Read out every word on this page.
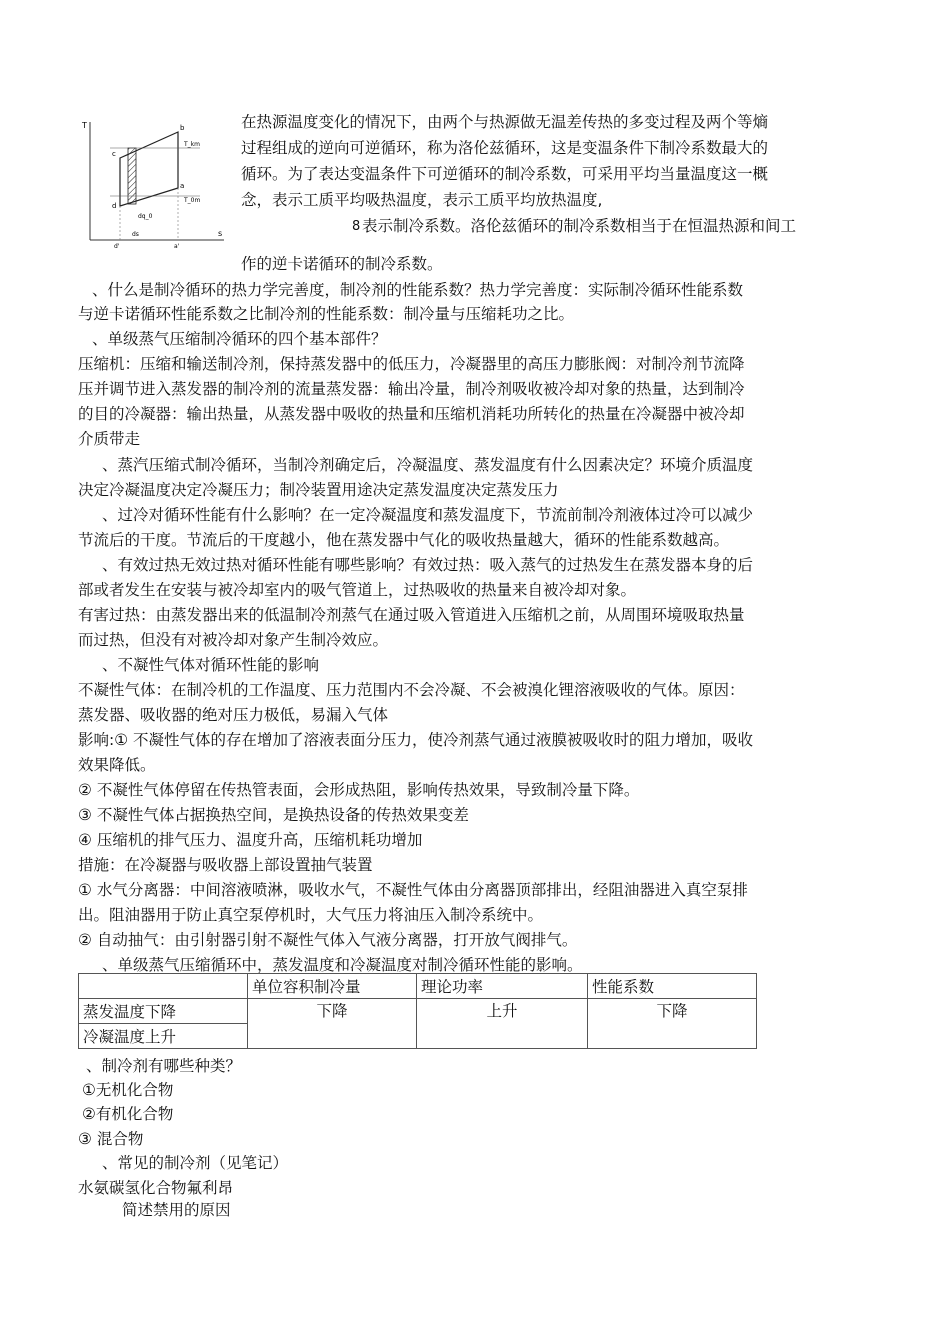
T
s
b
c
d
a
T_km
T_0m
dq_0
ds
d'	a'
在热源温度变化的情况下，由两个与热源做无温差传热的多变过程及两个等熵
过程组成的逆向可逆循环，称为洛伦兹循环，这是变温条件下制冷系数最大的
循环。为了表达变温条件下可逆循环的制冷系数，可采用平均当量温度这一概
念，表示工质平均吸热温度，表示工质平均放热温度,
8 表示制冷系数。洛伦兹循环的制冷系数相当于在恒温热源和间工
作的逆卡诺循环的制冷系数。
、什么是制冷循环的热力学完善度，制冷剂的性能系数？热力学完善度：实际制冷循环性能系数
与逆卡诺循环性能系数之比制冷剂的性能系数：制冷量与压缩耗功之比。
、单级蒸气压缩制冷循环的四个基本部件？
压缩机：压缩和输送制冷剂，保持蒸发器中的低压力，冷凝器里的高压力膨胀阀：对制冷剂节流降
压并调节进入蒸发器的制冷剂的流量蒸发器：输出冷量，制冷剂吸收被冷却对象的热量，达到制冷
的目的冷凝器：输出热量，从蒸发器中吸收的热量和压缩机消耗功所转化的热量在冷凝器中被冷却
介质带走
、蒸汽压缩式制冷循环，当制冷剂确定后，冷凝温度、蒸发温度有什么因素决定？环境介质温度
决定冷凝温度决定冷凝压力；制冷装置用途决定蒸发温度决定蒸发压力
、过冷对循环性能有什么影响？在一定冷凝温度和蒸发温度下，节流前制冷剂液体过冷可以减少
节流后的干度。节流后的干度越小，他在蒸发器中气化的吸收热量越大，循环的性能系数越高。
、有效过热无效过热对循环性能有哪些影响？有效过热：吸入蒸气的过热发生在蒸发器本身的后
部或者发生在安装与被冷却室内的吸气管道上，过热吸收的热量来自被冷却对象。
有害过热：由蒸发器出来的低温制冷剂蒸气在通过吸入管道进入压缩机之前，从周围环境吸取热量
而过热，但没有对被冷却对象产生制冷效应。
、不凝性气体对循环性能的影响
不凝性气体：在制冷机的工作温度、压力范围内不会冷凝、不会被溴化锂溶液吸收的气体。原因：
蒸发器、吸收器的绝对压力极低，易漏入气体
影响:① 不凝性气体的存在增加了溶液表面分压力，使冷剂蒸气通过液膜被吸收时的阻力增加，吸收
效果降低。
② 不凝性气体停留在传热管表面，会形成热阻，影响传热效果，导致制冷量下降。
③ 不凝性气体占据换热空间，是换热设备的传热效果变差
④ 压缩机的排气压力、温度升高，压缩机耗功增加
措施：在冷凝器与吸收器上部设置抽气装置
① 水气分离器：中间溶液喷淋，吸收水气，不凝性气体由分离器顶部排出，经阻油器进入真空泵排
出。阻油器用于防止真空泵停机时，大气压力将油压入制冷系统中。
② 自动抽气：由引射器引射不凝性气体入气液分离器，打开放气阀排气。
、单级蒸气压缩循环中，蒸发温度和冷凝温度对制冷循环性能的影响。
	单位容积制冷量	理论功率	性能系数
蒸发温度下降	下降	上升	下降
冷凝温度上升			
、制冷剂有哪些种类？
①无机化合物
②有机化合物
③ 混合物
、常见的制冷剂（见笔记）
水氨碳氢化合物氟利昂
简述禁用的原因
